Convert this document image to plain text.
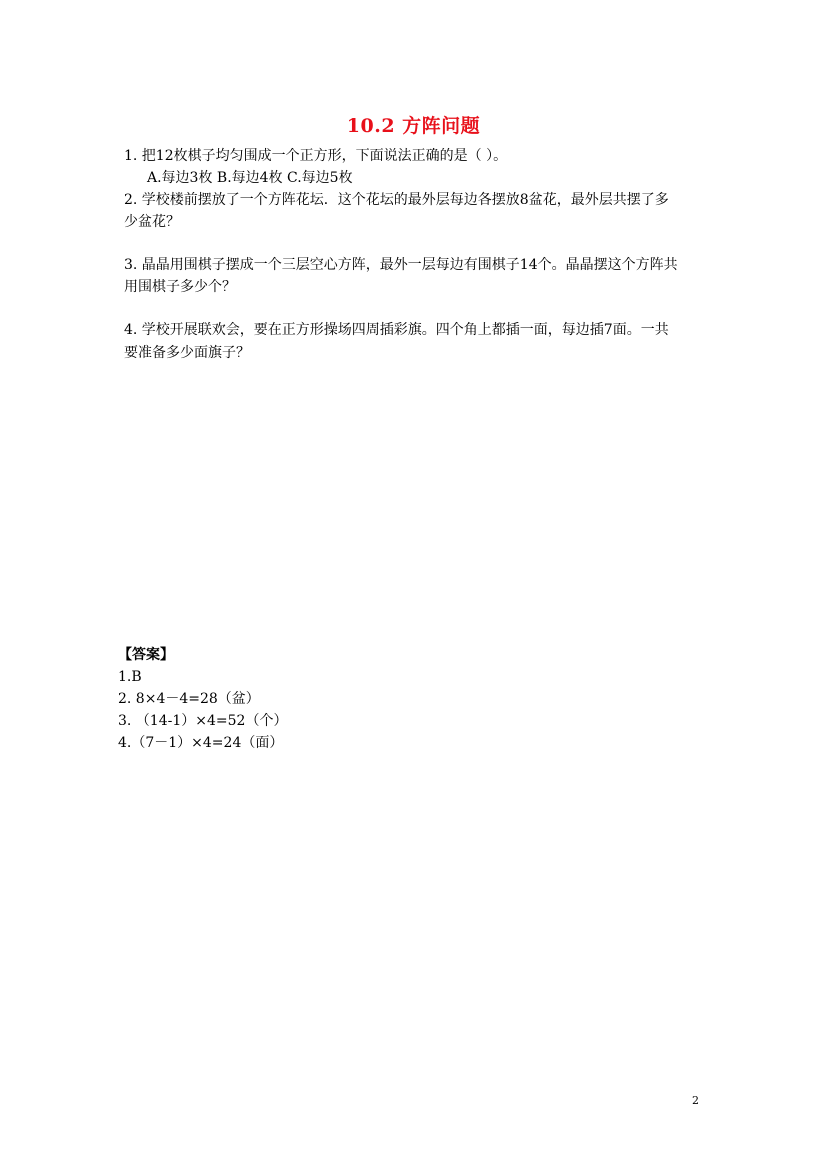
10.2 方阵问题
1. 把12枚棋子均匀围成一个正方形，下面说法正确的是（ ）。
A.每边3枚 B.每边4枚 C.每边5枚
2. 学校楼前摆放了一个方阵花坛．这个花坛的最外层每边各摆放8盆花，最外层共摆了多
少盆花？
3. 晶晶用围棋子摆成一个三层空心方阵，最外一层每边有围棋子14个。晶晶摆这个方阵共
用围棋子多少个？
4. 学校开展联欢会，要在正方形操场四周插彩旗。四个角上都插一面，每边插7面。一共
要准备多少面旗子？
【答案】
1.B
2. 8×4－4=28（盆）
3. （14-1）×4=52（个）
4.（7－1）×4=24（面）
2
